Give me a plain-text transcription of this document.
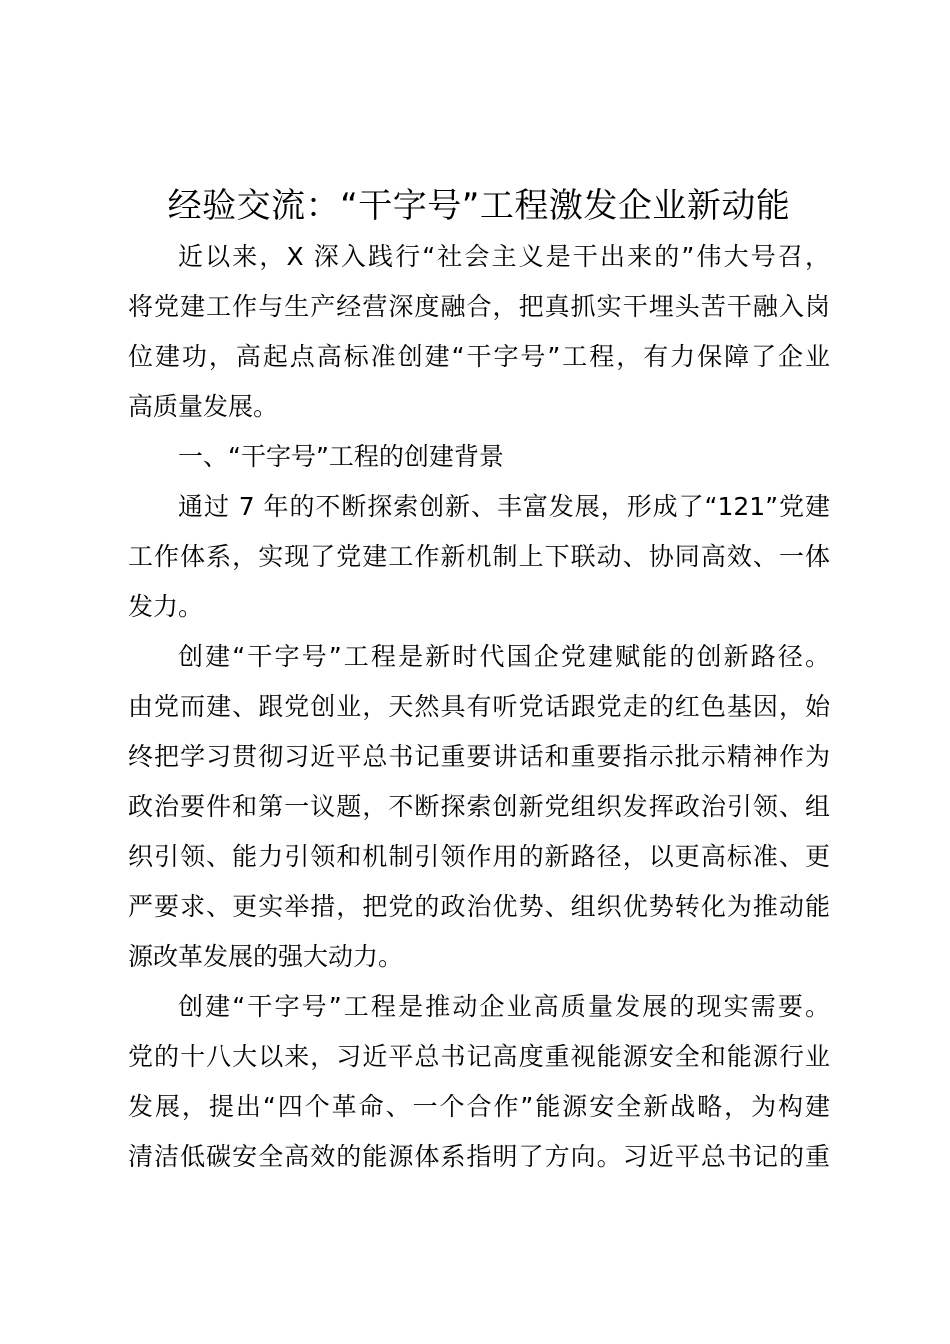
经验交流：“干字号”工程激发企业新动能

近以来，X 深入践行“社会主义是干出来的”伟大号召，
将党建工作与生产经营深度融合，把真抓实干埋头苦干融入岗
位建功，高起点高标准创建“干字号”工程，有力保障了企业
高质量发展。

一、“干字号”工程的创建背景

通过 7 年的不断探索创新、丰富发展，形成了“121”党建
工作体系，实现了党建工作新机制上下联动、协同高效、一体
发力。

创建“干字号”工程是新时代国企党建赋能的创新路径。
由党而建、跟党创业，天然具有听党话跟党走的红色基因，始
终把学习贯彻习近平总书记重要讲话和重要指示批示精神作为
政治要件和第一议题，不断探索创新党组织发挥政治引领、组
织引领、能力引领和机制引领作用的新路径，以更高标准、更
严要求、更实举措，把党的政治优势、组织优势转化为推动能
源改革发展的强大动力。

创建“干字号”工程是推动企业高质量发展的现实需要。
党的十八大以来，习近平总书记高度重视能源安全和能源行业
发展，提出“四个革命、一个合作”能源安全新战略，为构建
清洁低碳安全高效的能源体系指明了方向。习近平总书记的重
